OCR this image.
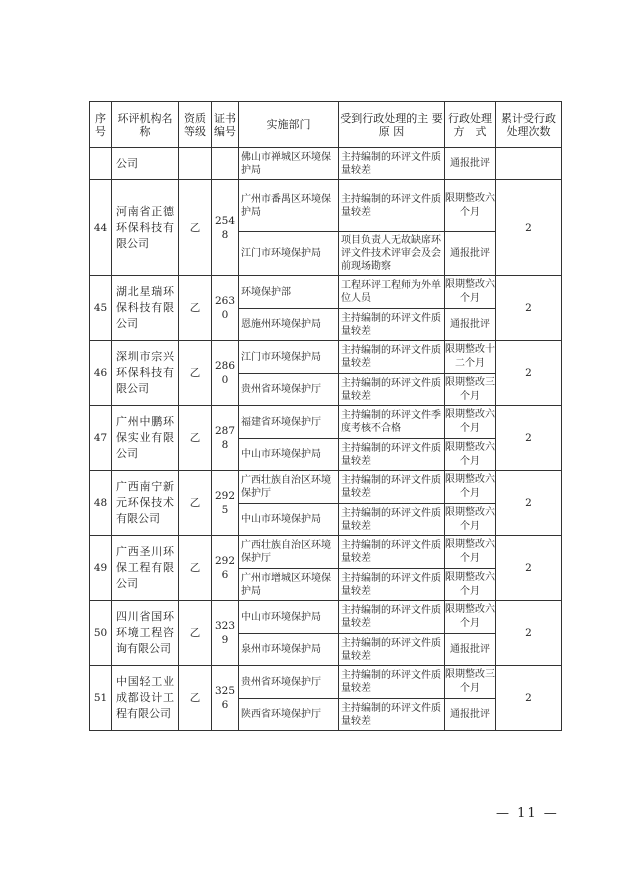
序号	环评机构名　称	资质等级	证书编号	实施部门	受到行政处理的主 要 原 因	行政处理方　式	累计受行政处理次数
	公司			佛山市禅城区环境保护局	主持编制的环评文件质量较差	通报批评	
44	河南省正德环保科技有限公司	乙	2548	广州市番禺区环境保护局	主持编制的环评文件质量较差	限期整改六个月	2
				江门市环境保护局	项目负责人无故缺席环评文件技术评审会及会前现场勘察	通报批评	
45	湖北星瑞环保科技有限公司	乙	2630	环境保护部	工程环评工程师为外单位人员	限期整改六个月	2
				恩施州环境保护局	主持编制的环评文件质量较差	通报批评	
46	深圳市宗兴环保科技有限公司	乙	2860	江门市环境保护局	主持编制的环评文件质量较差	限期整改十二个月	2
				贵州省环境保护厅	主持编制的环评文件质量较差	限期整改三个月	
47	广州中鹏环保实业有限公司	乙	2878	福建省环境保护厅	主持编制的环评文件季度考核不合格	限期整改六个月	2
				中山市环境保护局	主持编制的环评文件质量较差	限期整改六个月	
48	广西南宁新元环保技术有限公司	乙	2925	广西壮族自治区环境保护厅	主持编制的环评文件质量较差	限期整改六个月	2
				中山市环境保护局	主持编制的环评文件质量较差	限期整改六个月	
49	广西圣川环保工程有限公司	乙	2926	广西壮族自治区环境保护厅	主持编制的环评文件质量较差	限期整改六个月	2
				广州市增城区环境保护局	主持编制的环评文件质量较差	限期整改六个月	
50	四川省国环环境工程咨询有限公司	乙	3239	中山市环境保护局	主持编制的环评文件质量较差	限期整改六个月	2
				泉州市环境保护局	主持编制的环评文件质量较差	通报批评	
51	中国轻工业成都设计工程有限公司	乙	3256	贵州省环境保护厅	主持编制的环评文件质量较差	限期整改三个月	2
				陕西省环境保护厅	主持编制的环评文件质量较差	通报批评	
— 11 —
